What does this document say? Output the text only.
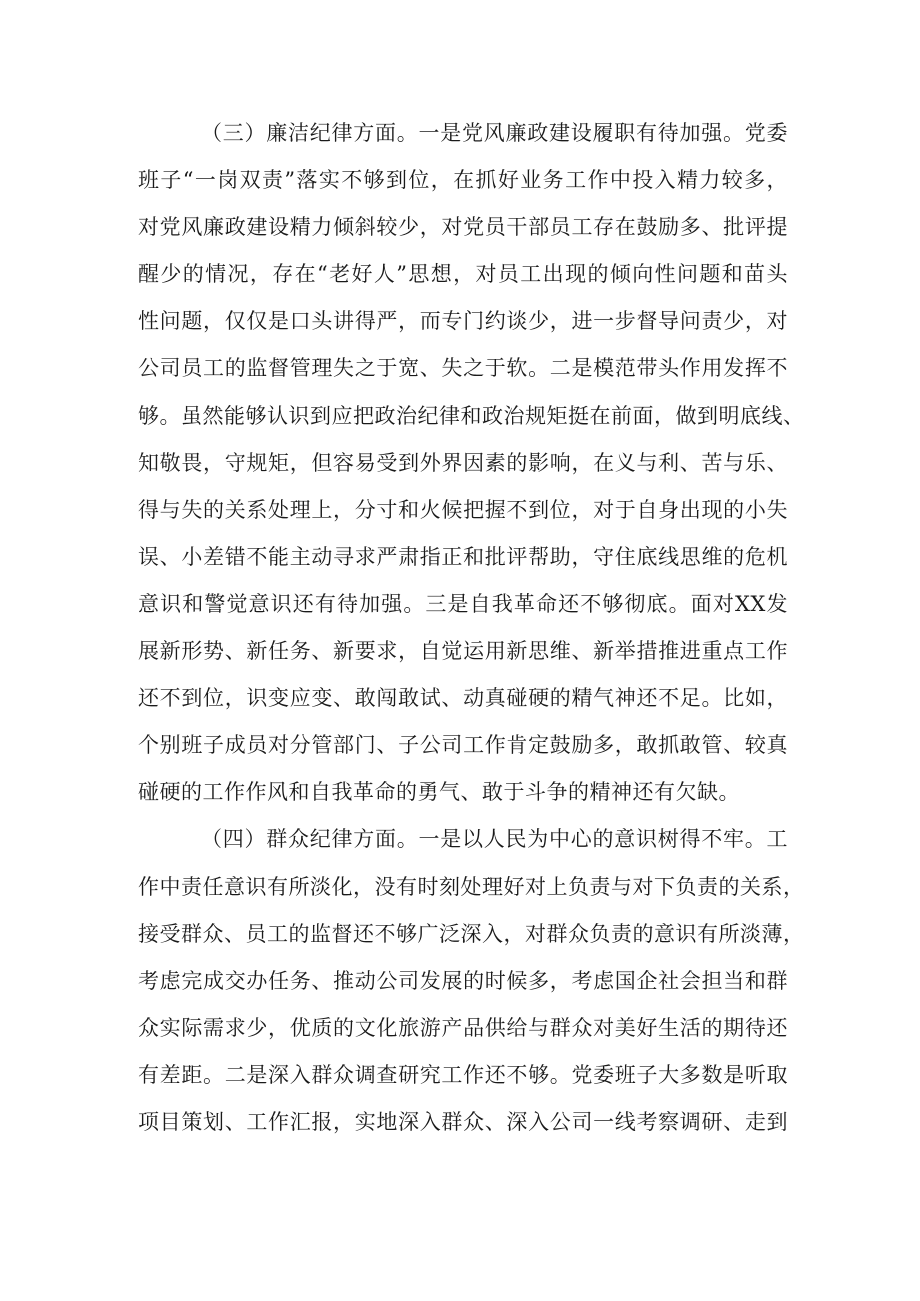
（三）廉洁纪律方面。一是党风廉政建设履职有待加强。党委
班子“一岗双责”落实不够到位，在抓好业务工作中投入精力较多，
对党风廉政建设精力倾斜较少，对党员干部员工存在鼓励多、批评提
醒少的情况，存在“老好人”思想，对员工出现的倾向性问题和苗头
性问题，仅仅是口头讲得严，而专门约谈少，进一步督导问责少，对
公司员工的监督管理失之于宽、失之于软。二是模范带头作用发挥不
够。虽然能够认识到应把政治纪律和政治规矩挺在前面，做到明底线、
知敬畏，守规矩，但容易受到外界因素的影响，在义与利、苦与乐、
得与失的关系处理上，分寸和火候把握不到位，对于自身出现的小失
误、小差错不能主动寻求严肃指正和批评帮助，守住底线思维的危机
意识和警觉意识还有待加强。三是自我革命还不够彻底。面对XX发
展新形势、新任务、新要求，自觉运用新思维、新举措推进重点工作
还不到位，识变应变、敢闯敢试、动真碰硬的精气神还不足。比如，
个别班子成员对分管部门、子公司工作肯定鼓励多，敢抓敢管、较真
碰硬的工作作风和自我革命的勇气、敢于斗争的精神还有欠缺。
（四）群众纪律方面。一是以人民为中心的意识树得不牢。工
作中责任意识有所淡化，没有时刻处理好对上负责与对下负责的关系，
接受群众、员工的监督还不够广泛深入，对群众负责的意识有所淡薄，
考虑完成交办任务、推动公司发展的时候多，考虑国企社会担当和群
众实际需求少，优质的文化旅游产品供给与群众对美好生活的期待还
有差距。二是深入群众调查研究工作还不够。党委班子大多数是听取
项目策划、工作汇报，实地深入群众、深入公司一线考察调研、走到
